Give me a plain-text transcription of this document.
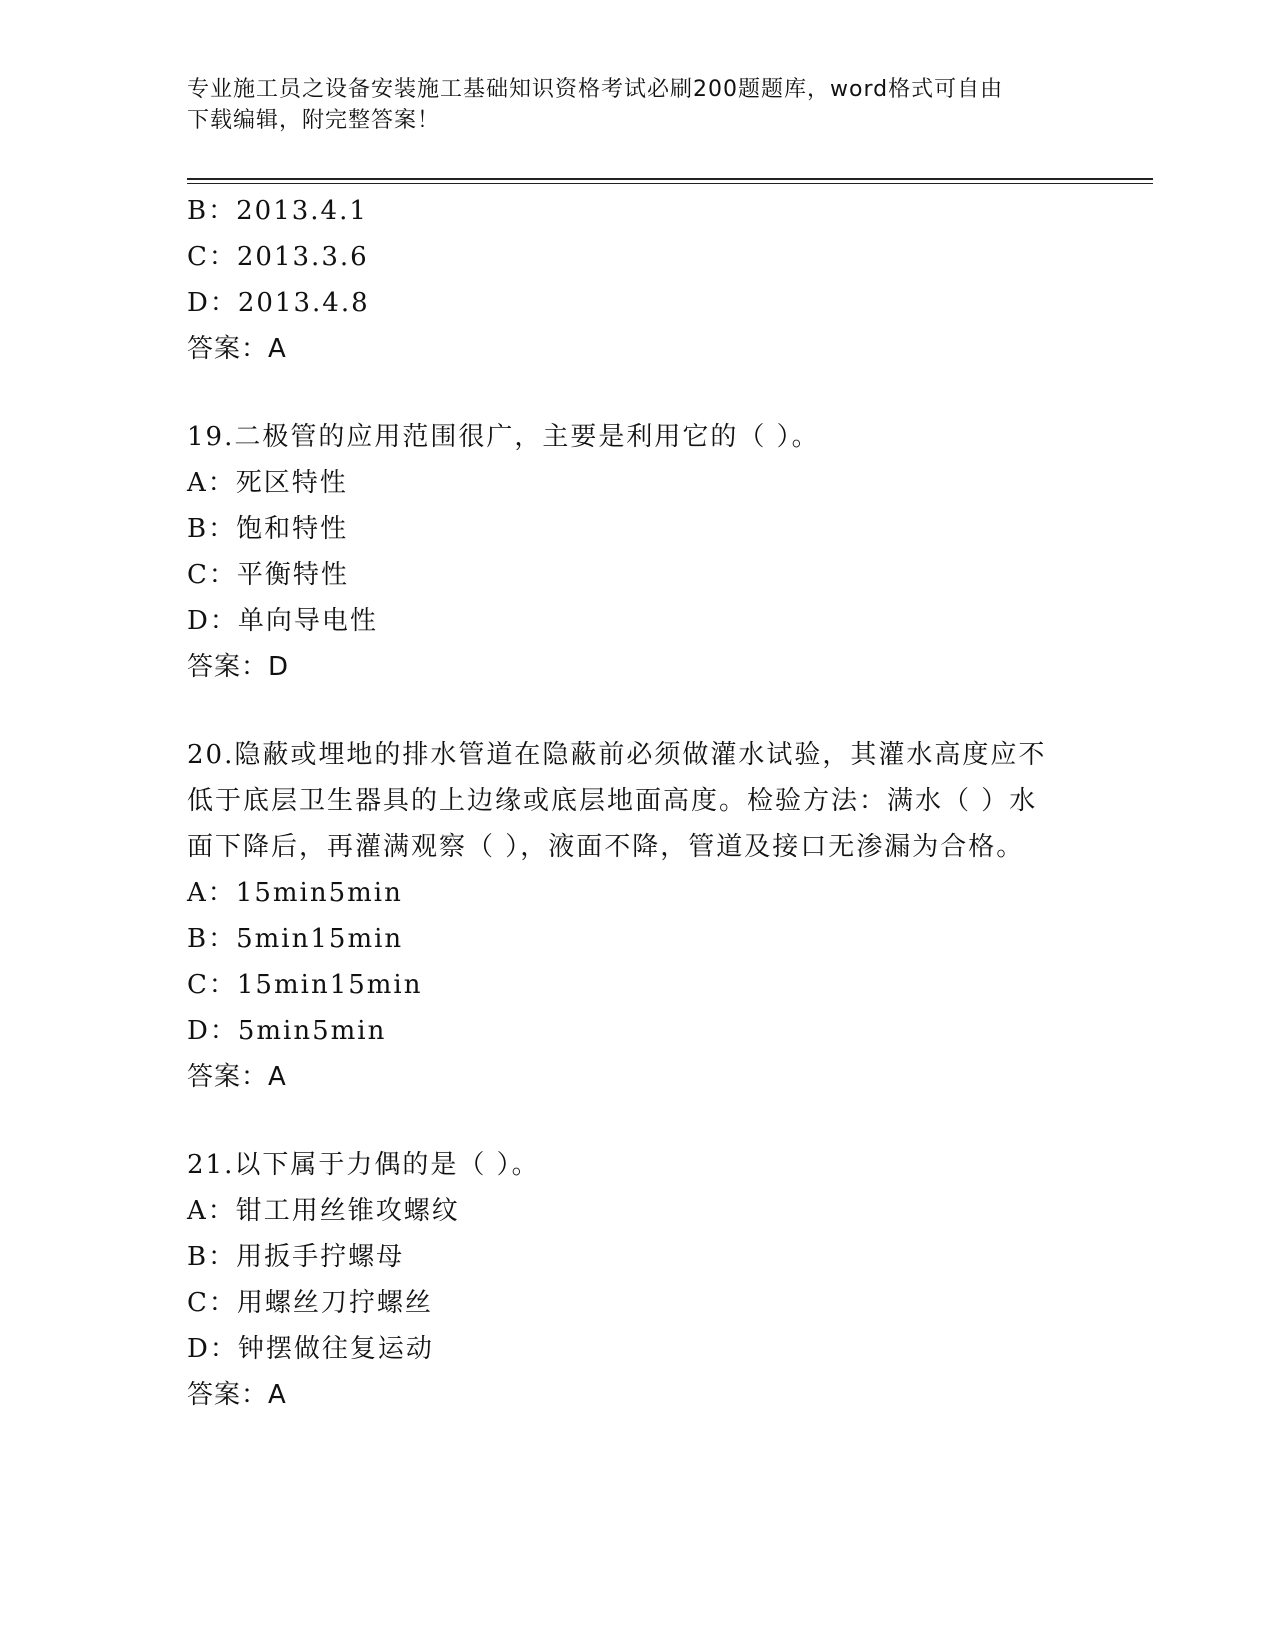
专业施工员之设备安装施工基础知识资格考试必刷200题题库，word格式可自由
下载编辑，附完整答案！
B：2013.4.1
C：2013.3.6
D：2013.4.8
答案：A
19.二极管的应用范围很广，主要是利用它的（ ）。
A：死区特性
B：饱和特性
C：平衡特性
D：单向导电性
答案：D
20.隐蔽或埋地的排水管道在隐蔽前必须做灌水试验，其灌水高度应不
低于底层卫生器具的上边缘或底层地面高度。检验方法：满水（ ）水
面下降后，再灌满观察（ ），液面不降，管道及接口无渗漏为合格。
A：15min5min
B：5min15min
C：15min15min
D：5min5min
答案：A
21.以下属于力偶的是（ ）。
A：钳工用丝锥攻螺纹
B：用扳手拧螺母
C：用螺丝刀拧螺丝
D：钟摆做往复运动
答案：A
